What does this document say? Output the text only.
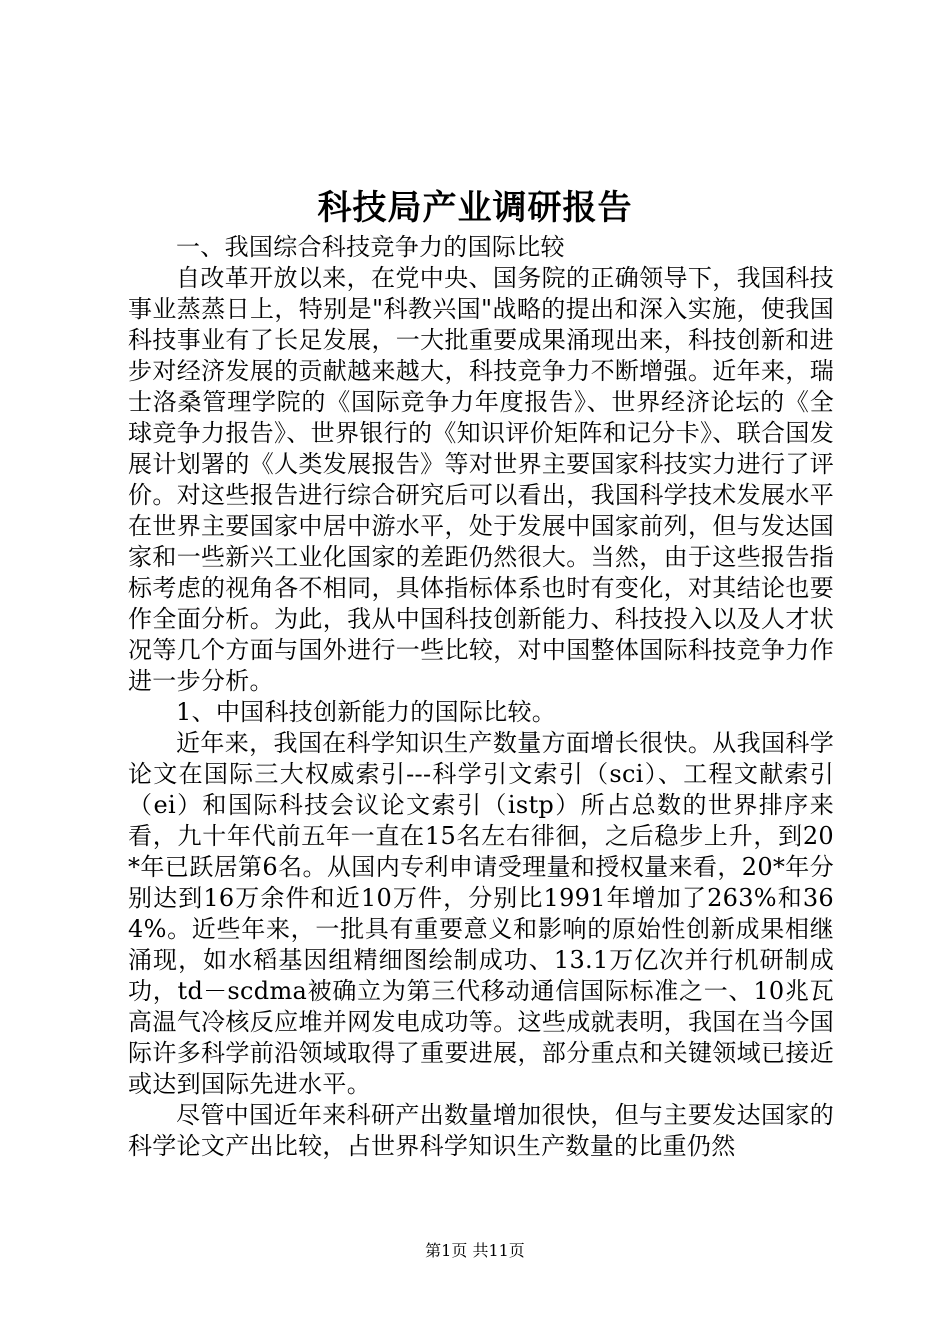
科技局产业调研报告

一、我国综合科技竞争力的国际比较

自改革开放以来，在党中央、国务院的正确领导下，我国科技事业蒸蒸日上，特别是"科教兴国"战略的提出和深入实施，使我国科技事业有了长足发展，一大批重要成果涌现出来，科技创新和进步对经济发展的贡献越来越大，科技竞争力不断增强。近年来，瑞士洛桑管理学院的《国际竞争力年度报告》、世界经济论坛的《全球竞争力报告》、世界银行的《知识评价矩阵和记分卡》、联合国发展计划署的《人类发展报告》等对世界主要国家科技实力进行了评价。对这些报告进行综合研究后可以看出，我国科学技术发展水平在世界主要国家中居中游水平，处于发展中国家前列，但与发达国家和一些新兴工业化国家的差距仍然很大。当然，由于这些报告指标考虑的视角各不相同，具体指标体系也时有变化，对其结论也要作全面分析。为此，我从中国科技创新能力、科技投入以及人才状况等几个方面与国外进行一些比较，对中国整体国际科技竞争力作进一步分析。

1、中国科技创新能力的国际比较。

近年来，我国在科学知识生产数量方面增长很快。从我国科学论文在国际三大权威索引---科学引文索引（sci）、工程文献索引（ei）和国际科技会议论文索引（istp）所占总数的世界排序来看，九十年代前五年一直在15名左右徘徊，之后稳步上升，到20*年已跃居第6名。从国内专利申请受理量和授权量来看，20*年分别达到16万余件和近10万件，分别比1991年增加了263%和364%。近些年来，一批具有重要意义和影响的原始性创新成果相继涌现，如水稻基因组精细图绘制成功、13.1万亿次并行机研制成功，td－scdma被确立为第三代移动通信国际标准之一、10兆瓦高温气冷核反应堆并网发电成功等。这些成就表明，我国在当今国际许多科学前沿领域取得了重要进展，部分重点和关键领域已接近或达到国际先进水平。

尽管中国近年来科研产出数量增加很快，但与主要发达国家的科学论文产出比较，占世界科学知识生产数量的比重仍然

第1页 共11页
